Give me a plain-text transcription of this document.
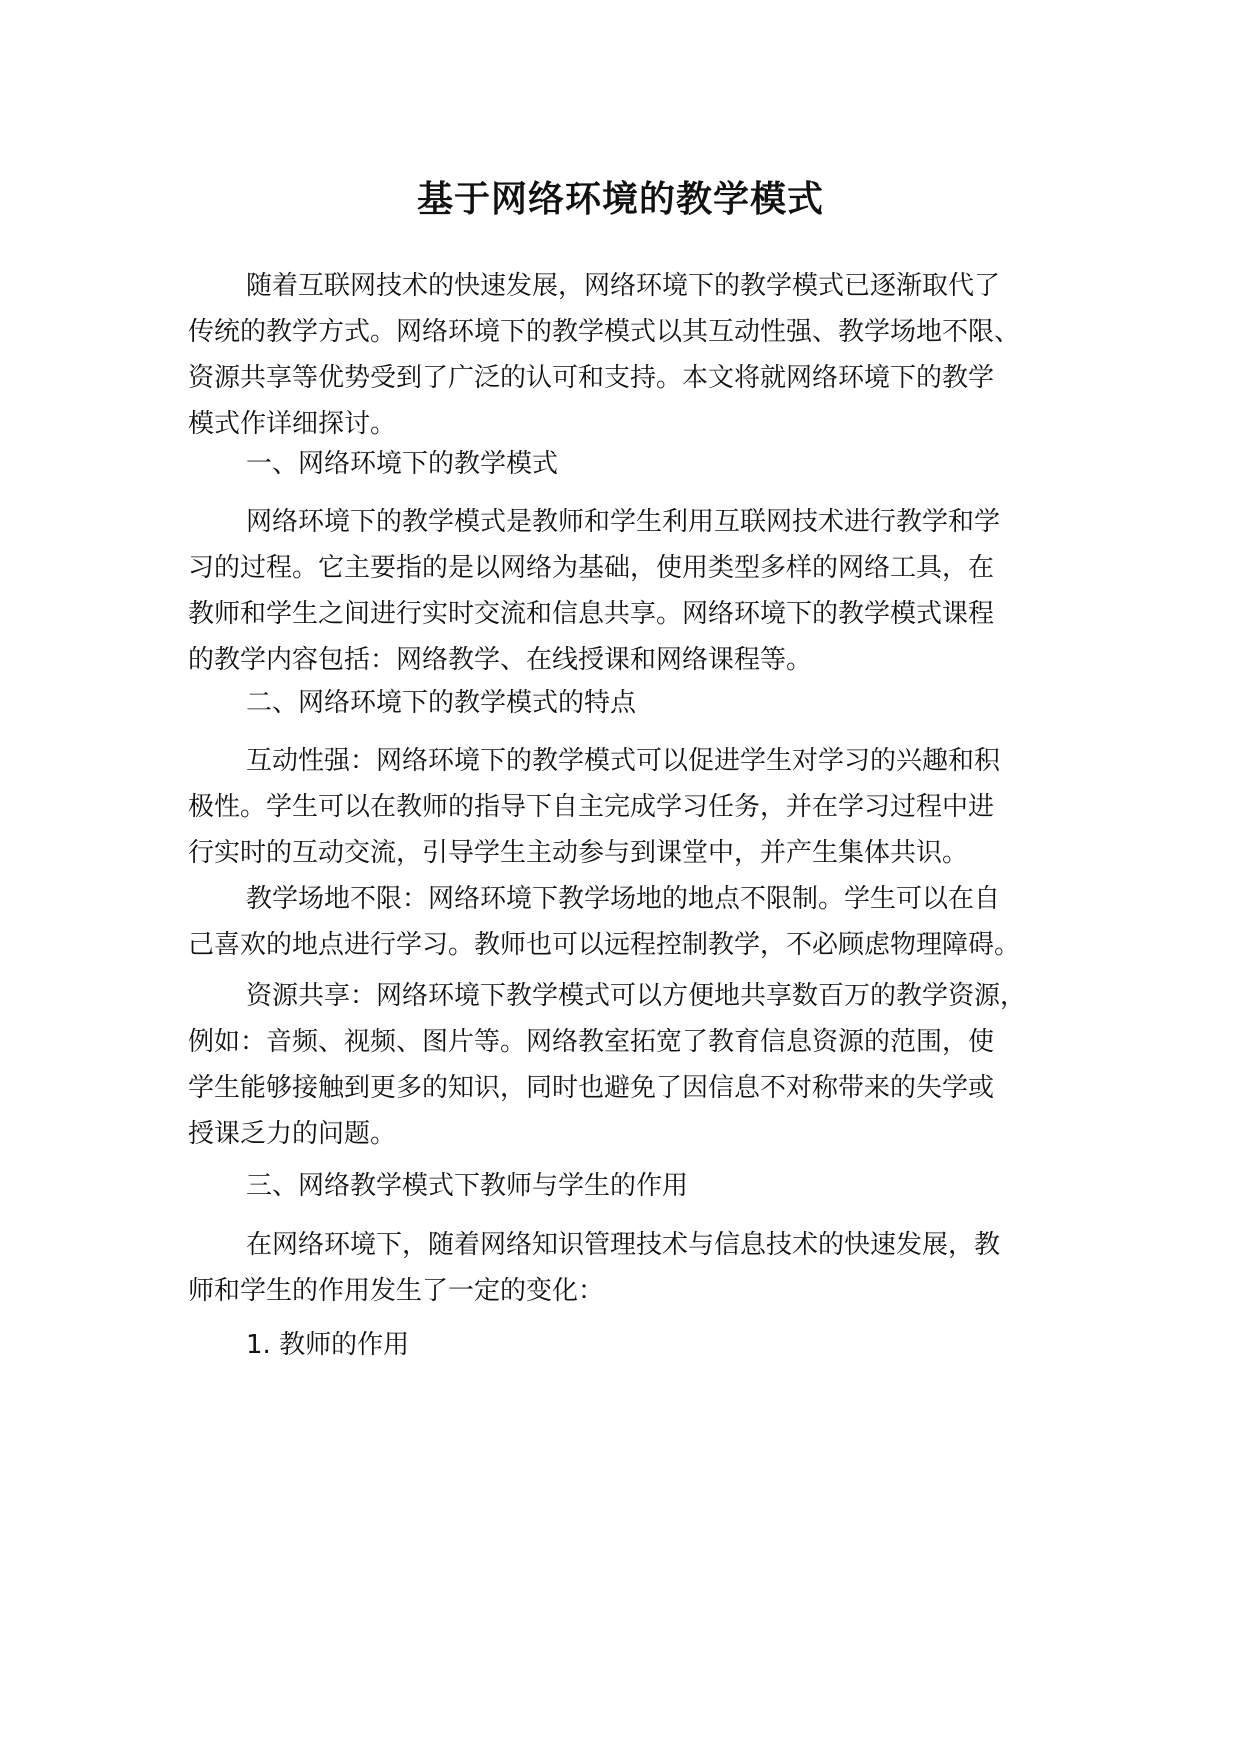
基于网络环境的教学模式

随着互联网技术的快速发展，网络环境下的教学模式已逐渐取代了
传统的教学方式。网络环境下的教学模式以其互动性强、教学场地不限、
资源共享等优势受到了广泛的认可和支持。本文将就网络环境下的教学
模式作详细探讨。

一、网络环境下的教学模式

网络环境下的教学模式是教师和学生利用互联网技术进行教学和学
习的过程。它主要指的是以网络为基础，使用类型多样的网络工具，在
教师和学生之间进行实时交流和信息共享。网络环境下的教学模式课程
的教学内容包括：网络教学、在线授课和网络课程等。

二、网络环境下的教学模式的特点

互动性强：网络环境下的教学模式可以促进学生对学习的兴趣和积
极性。学生可以在教师的指导下自主完成学习任务，并在学习过程中进
行实时的互动交流，引导学生主动参与到课堂中，并产生集体共识。

教学场地不限：网络环境下教学场地的地点不限制。学生可以在自
己喜欢的地点进行学习。教师也可以远程控制教学，不必顾虑物理障碍。

资源共享：网络环境下教学模式可以方便地共享数百万的教学资源，
例如：音频、视频、图片等。网络教室拓宽了教育信息资源的范围，使
学生能够接触到更多的知识，同时也避免了因信息不对称带来的失学或
授课乏力的问题。

三、网络教学模式下教师与学生的作用

在网络环境下，随着网络知识管理技术与信息技术的快速发展，教
师和学生的作用发生了一定的变化：

1. 教师的作用
